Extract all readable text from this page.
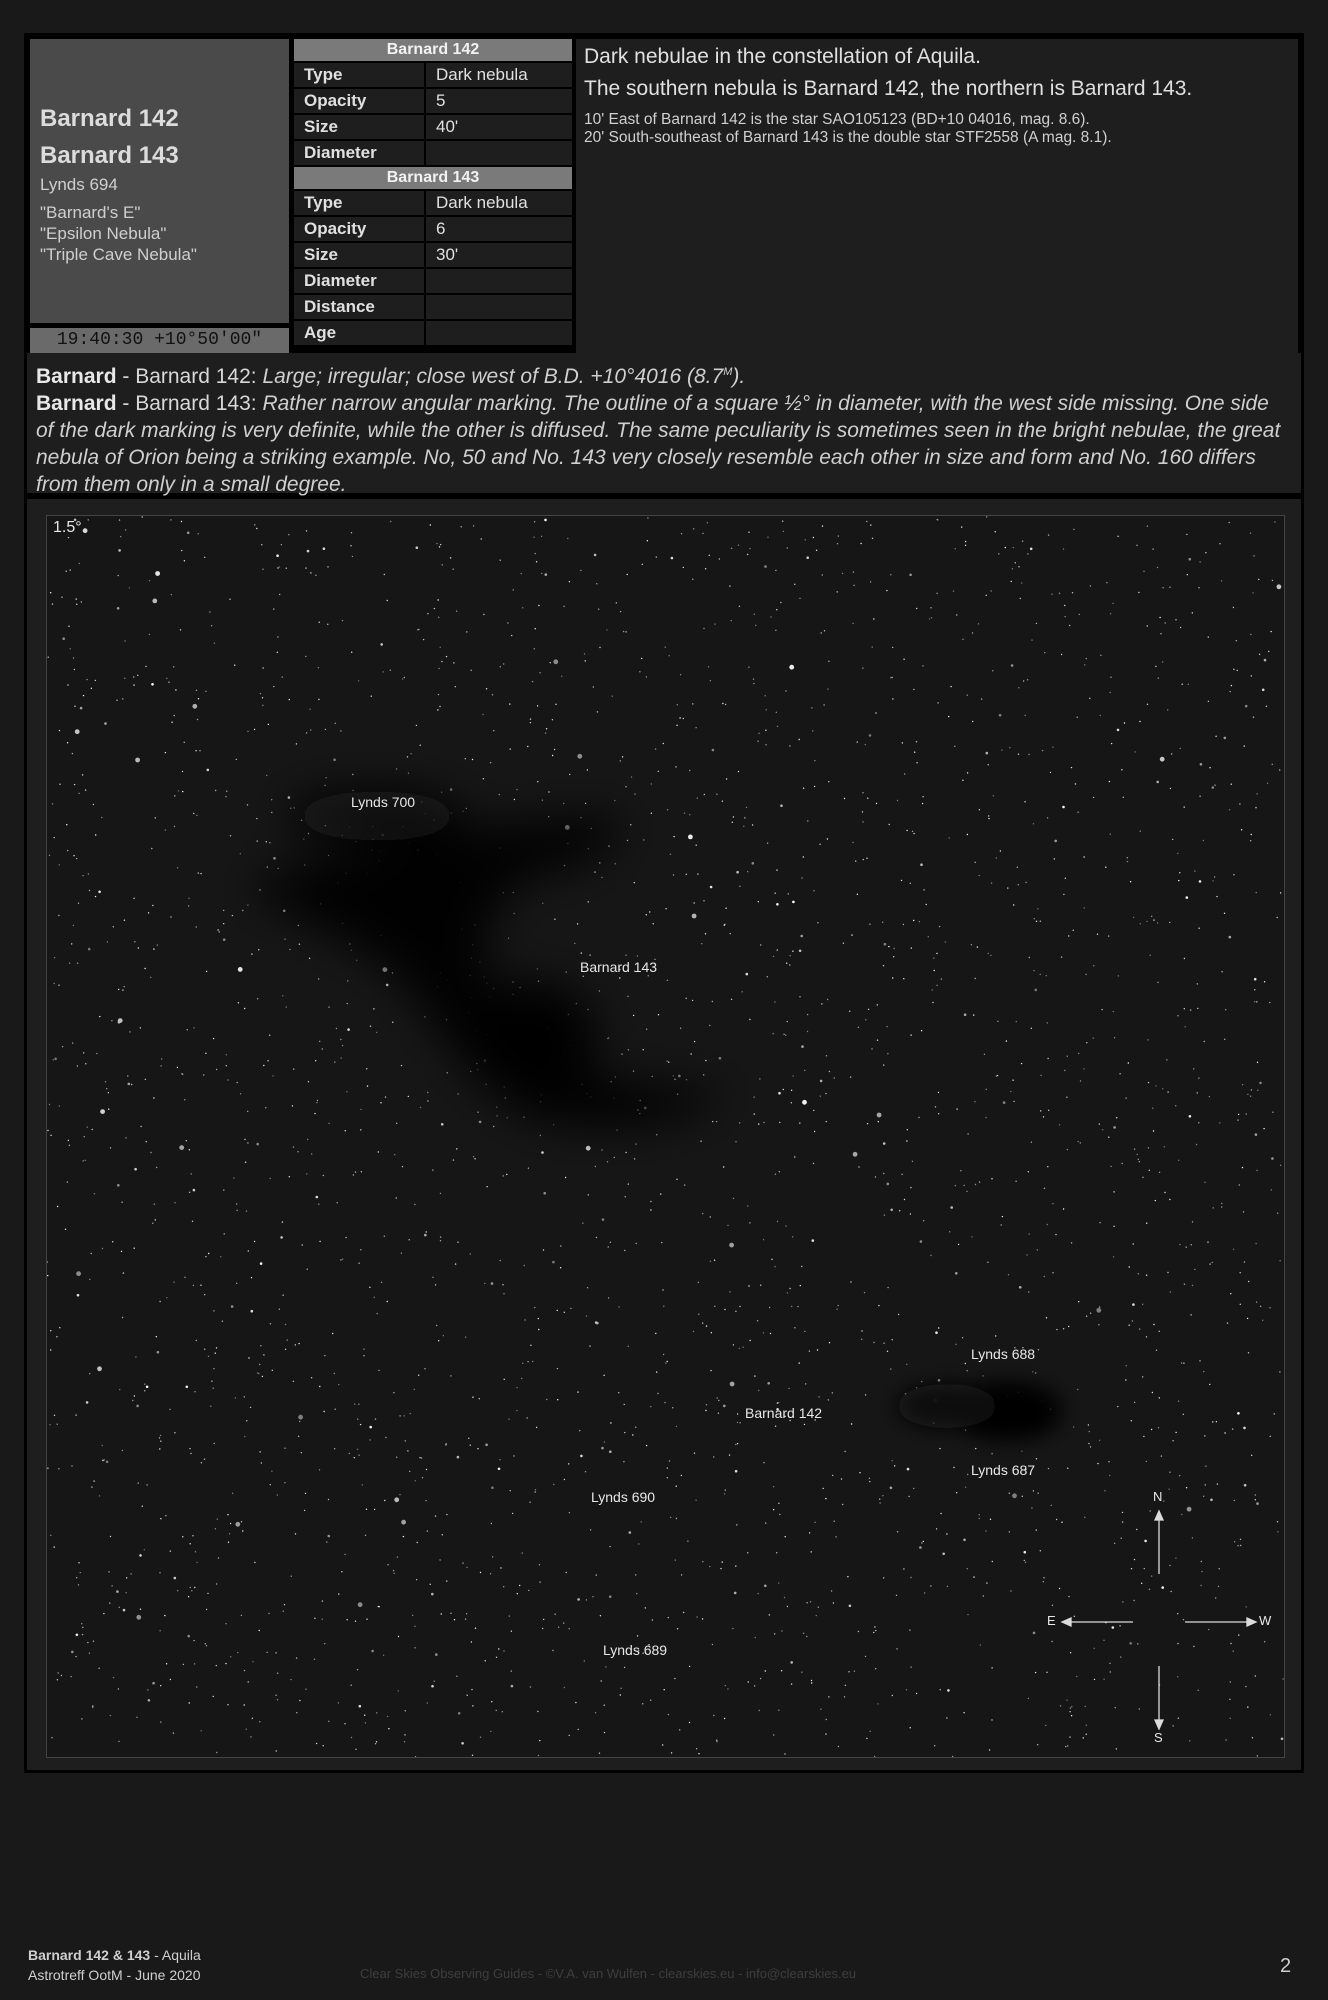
Barnard 142
Barnard 143
Lynds 694
"Barnard's E"
"Epsilon Nebula"
"Triple Cave Nebula"
19:40:30 +10°50'00"
Barnard 142	
Type	Dark nebula
Opacity	5
Size	40'
Diameter	
Barnard 143	
Type	Dark nebula
Opacity	6
Size	30'
Diameter	
Distance	
Age	
Dark nebulae in the constellation of Aquila.
The southern nebula is Barnard 142, the northern is Barnard 143.
10' East of Barnard 142 is the star SAO105123 (BD+10 04016, mag. 8.6).
20' South-southeast of Barnard 143 is the double star STF2558 (A mag. 8.1).
Barnard - Barnard 142: Large; irregular; close west of B.D. +10°4016 $(8.7^M)$.
Barnard - Barnard 143: Rather narrow angular marking. The outline of a square ½° in diameter, with the west side missing. One side of the dark marking is very definite, while the other is diffused. The same peculiarity is sometimes seen in the bright nebulae, the great nebula of Orion being a striking example. No, 50 and No. 143 very closely resemble each other in size and form and No. 160 differs from them only in a small degree.
1.5°
Lynds 700
Barnard 143
Lynds 688
Barnard 142
Lynds 687
Lynds 690
Lynds 689
N
S
E	W
Barnard 142 & 143 - Aquila
Astrotreff OotM - June 2020	Clear Skies Observing Guides - ©V.A. van Wulfen - clearskies.eu - info@clearskies.eu	2
